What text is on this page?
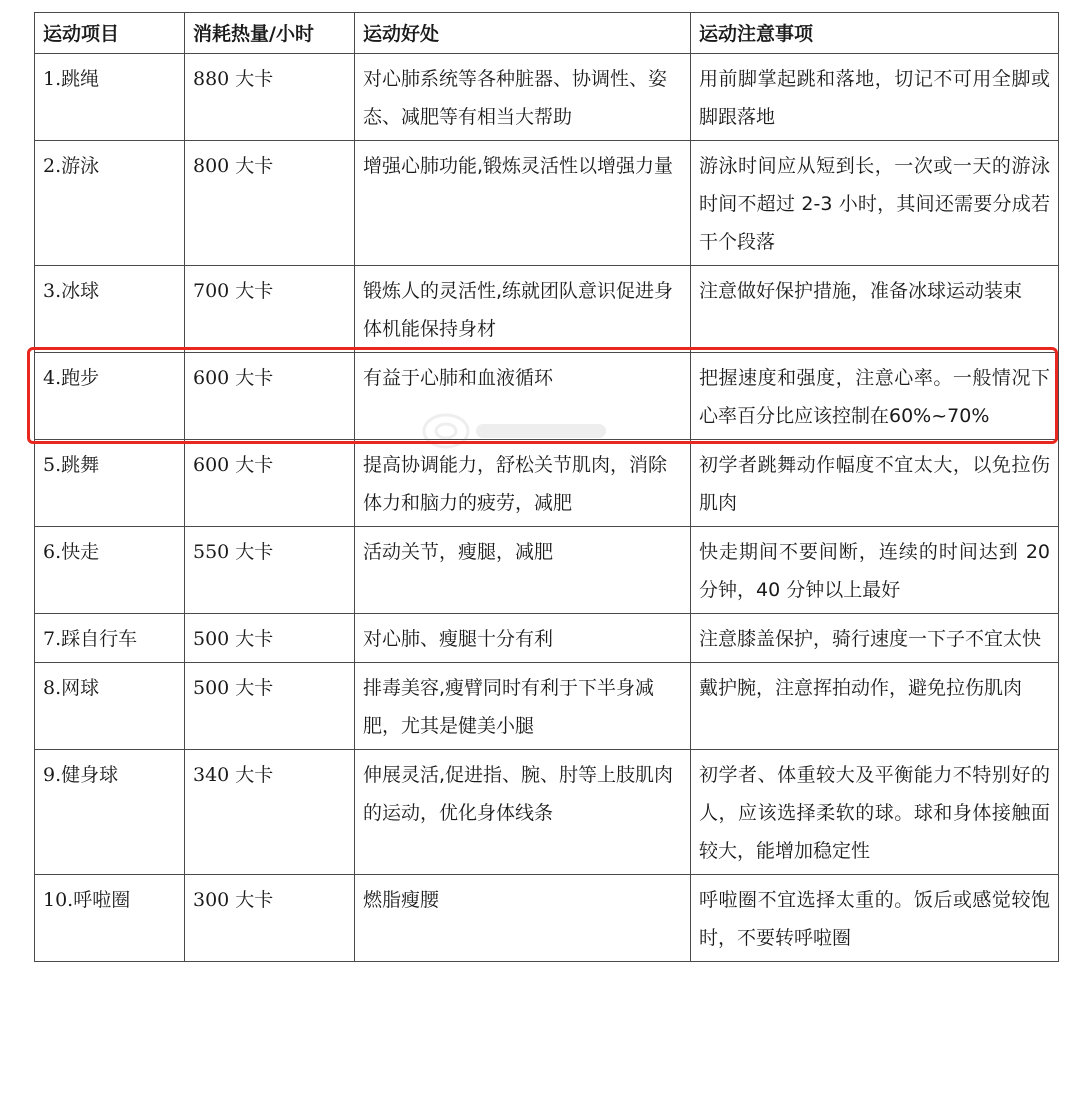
运动项目	消耗热量/小时	运动好处	运动注意事项
1.跳绳	880 大卡	对心肺系统等各种脏器、协调性、姿态、减肥等有相当大帮助	用前脚掌起跳和落地，切记不可用全脚或脚跟落地
2.游泳	800 大卡	增强心肺功能,锻炼灵活性以增强力量	游泳时间应从短到长，一次或一天的游泳时间不超过 2-3 小时，其间还需要分成若干个段落
3.冰球	700 大卡	锻炼人的灵活性,练就团队意识促进身体机能保持身材	注意做好保护措施，准备冰球运动装束
4.跑步	600 大卡	有益于心肺和血液循环	把握速度和强度，注意心率。一般情况下心率百分比应该控制在60%~70%
5.跳舞	600 大卡	提高协调能力，舒松关节肌肉，消除体力和脑力的疲劳，减肥	初学者跳舞动作幅度不宜太大，以免拉伤肌肉
6.快走	550 大卡	活动关节，瘦腿，减肥	快走期间不要间断，连续的时间达到 20 分钟，40 分钟以上最好
7.踩自行车	500 大卡	对心肺、瘦腿十分有利	注意膝盖保护，骑行速度一下子不宜太快
8.网球	500 大卡	排毒美容,瘦臂同时有利于下半身减肥，尤其是健美小腿	戴护腕，注意挥拍动作，避免拉伤肌肉
9.健身球	340 大卡	伸展灵活,促进指、腕、肘等上肢肌肉的运动，优化身体线条	初学者、体重较大及平衡能力不特别好的人，应该选择柔软的球。球和身体接触面较大，能增加稳定性
10.呼啦圈	300 大卡	燃脂瘦腰	呼啦圈不宜选择太重的。饭后或感觉较饱时，不要转呼啦圈
